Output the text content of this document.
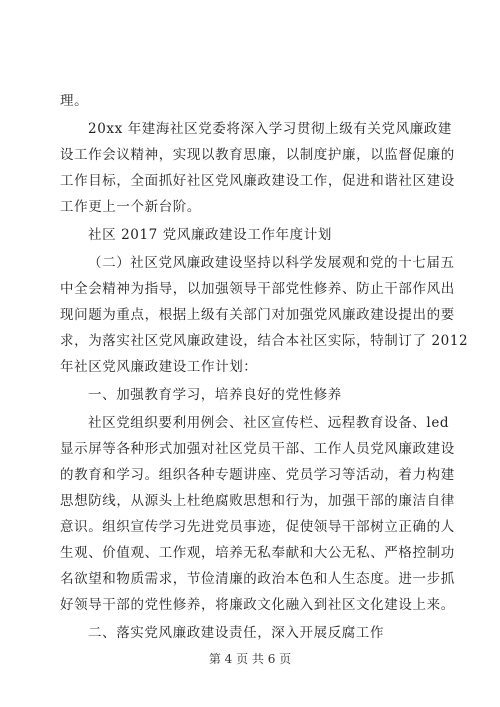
理。
20xx 年建海社区党委将深入学习贯彻上级有关党风廉政建
设工作会议精神，实现以教育思廉，以制度护廉，以监督促廉的
工作目标，全面抓好社区党风廉政建设工作，促进和谐社区建设
工作更上一个新台阶。
社区 2017 党风廉政建设工作年度计划
（二）社区党风廉政建设坚持以科学发展观和党的十七届五
中全会精神为指导，以加强领导干部党性修养、防止干部作风出
现问题为重点，根据上级有关部门对加强党风廉政建设提出的要
求，为落实社区党风廉政建设，结合本社区实际，特制订了 2012
年社区党风廉政建设工作计划：
一、加强教育学习，培养良好的党性修养
社区党组织要利用例会、社区宣传栏、远程教育设备、led
显示屏等各种形式加强对社区党员干部、工作人员党风廉政建设
的教育和学习。组织各种专题讲座、党员学习等活动，着力构建
思想防线，从源头上杜绝腐败思想和行为，加强干部的廉洁自律
意识。组织宣传学习先进党员事迹，促使领导干部树立正确的人
生观、价值观、工作观，培养无私奉献和大公无私、严格控制功
名欲望和物质需求，节俭清廉的政治本色和人生态度。进一步抓
好领导干部的党性修养，将廉政文化融入到社区文化建设上来。
二、落实党风廉政建设责任，深入开展反腐工作
第 4 页 共 6 页
